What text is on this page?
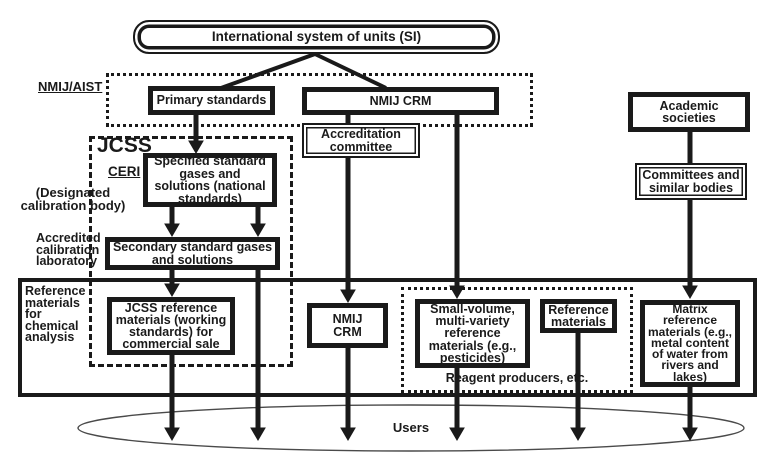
International system of units (SI)
Primary standards	NMIJ CRM
Accreditation committee
Academic societies
Committees and similar bodies
Specified standard gases and solutions (national standards)
Secondary standard gases and solutions
JCSS reference materials (working standards) for commercial sale
NMIJ CRM
Small-volume, multi-variety reference materials (e.g., pesticides)
Reference materials
Matrix reference materials (e.g., metal content of water from rivers and lakes)
NMIJ/AIST
JCSS
CERI
(Designated calibration body)
Accredited calibration laboratory
Reference materials for chemical analysis
Reagent producers, etc.
Users
